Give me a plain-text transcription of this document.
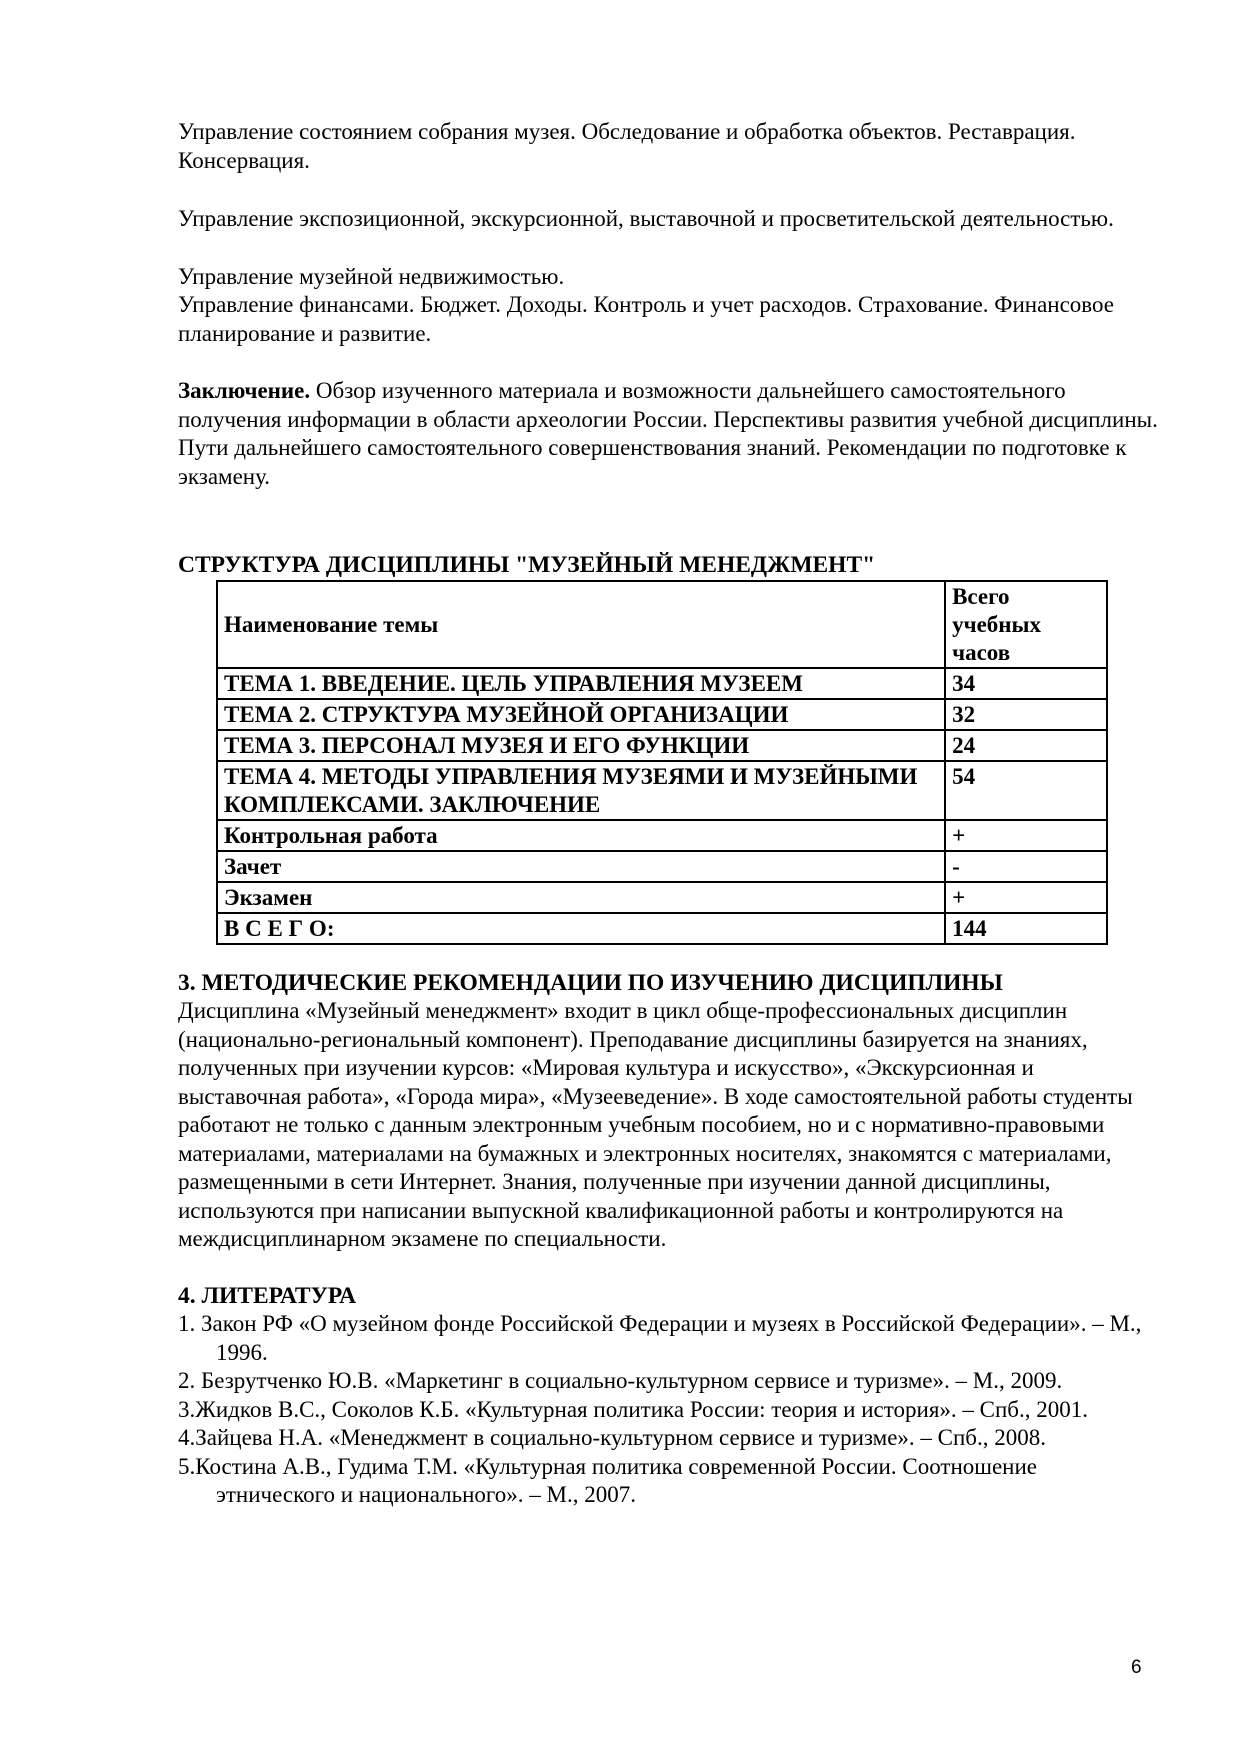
Управление состоянием собрания музея. Обследование и обработка объектов. Реставрация. Консервация.

Управление экспозиционной, экскурсионной, выставочной и просветительской деятельностью.

Управление музейной недвижимостью.

Управление финансами. Бюджет. Доходы. Контроль и учет расходов. Страхование. Финансовое планирование и развитие.

Заключение. Обзор изученного материала и возможности дальнейшего самостоятельного получения информации в области археологии России. Перспективы развития учебной дисциплины. Пути дальнейшего самостоятельного совершенствования знаний. Рекомендации по подготовке к экзамену.

СТРУКТУРА ДИСЦИПЛИНЫ "МУЗЕЙНЫЙ МЕНЕДЖМЕНТ"

Наименование темы	Всего учебных часов
ТЕМА 1. ВВЕДЕНИЕ. ЦЕЛЬ УПРАВЛЕНИЯ МУЗЕЕМ	34
ТЕМА 2. СТРУКТУРА МУЗЕЙНОЙ ОРГАНИЗАЦИИ	32
ТЕМА 3. ПЕРСОНАЛ МУЗЕЯ И ЕГО ФУНКЦИИ	24
ТЕМА 4. МЕТОДЫ УПРАВЛЕНИЯ МУЗЕЯМИ И МУЗЕЙНЫМИ КОМПЛЕКСАМИ. ЗАКЛЮЧЕНИЕ	54
Контрольная работа	+
Зачет	-
Экзамен	+
В С Е Г О:	144

3. МЕТОДИЧЕСКИЕ РЕКОМЕНДАЦИИ ПО ИЗУЧЕНИЮ ДИСЦИПЛИНЫ

Дисциплина «Музейный менеджмент» входит в цикл обще-профессиональных дисциплин (национально-региональный компонент). Преподавание дисциплины базируется на знаниях, полученных при изучении курсов: «Мировая культура и искусство», «Экскурсионная и выставочная работа», «Города мира», «Музееведение». В ходе самостоятельной работы студенты работают не только с данным электронным учебным пособием, но и с нормативно-правовыми материалами, материалами на бумажных и электронных носителях, знакомятся с материалами, размещенными в сети Интернет. Знания, полученные при изучении данной дисциплины, используются при написании выпускной квалификационной работы и контролируются на междисциплинарном экзамене по специальности.

4. ЛИТЕРАТУРА

1. Закон РФ «О музейном фонде Российской Федерации и музеях в Российской Федерации». – М., 1996.
2. Безрутченко Ю.В. «Маркетинг в социально-культурном сервисе и туризме». – М., 2009.
3.Жидков В.С., Соколов К.Б. «Культурная политика России: теория и история». – Спб., 2001.
4.Зайцева Н.А. «Менеджмент в социально-культурном сервисе и туризме». – Спб., 2008.
5.Костина А.В., Гудима Т.М. «Культурная политика современной России. Соотношение этнического и национального». – М., 2007.
6
